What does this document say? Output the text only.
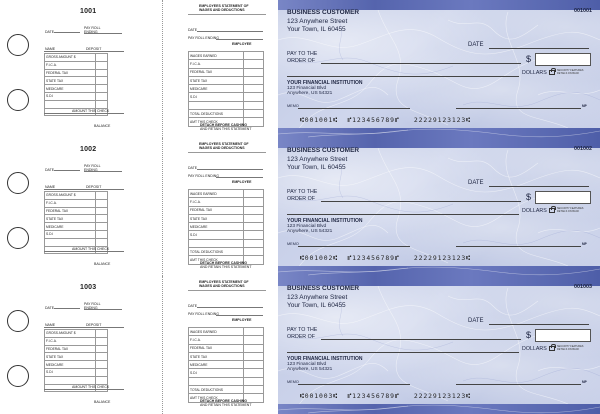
1001
DATE
PAY ROLL
ENDING
NAME	DEPOSIT
GROSS AMOUNT $	
F.I.C.A.	
FEDERAL TAX	
STATE TAX	
MEDICARE	
S.D.I	

AMOUNT THIS CHECK
BALANCE
EMPLOYEES STATEMENT OF
WAGES AND DEDUCTIONS
DATE
PAY ROLL ENDING
EMPLOYEE
WAGES EARNED	
F.I.C.A.	
FEDERAL TAX	
STATE TAX	
MEDICARE	
S.D.I	

TOTAL DEDUCTIONS	
AMT THIS CHECK	
DETACH BEFORE CASHING
AND RETAIN THIS STATEMENT
BUSINESS CUSTOMER
123 Anywhere Street
Your Town, IL 60455
001001
DATE
PAY TO THE
ORDER OF	$
DOLLARS	SECURITY FEATURES
DETAILS ON BACK
YOUR FINANCIAL INSTITUTION
123 Financial Blvd
Anywhere, US 54321
MEMO	MP
⑆001001⑆  ⑈123456789⑈   22229123123⑆
1002
DATE
PAY ROLL
ENDING
NAME	DEPOSIT
GROSS AMOUNT $	
F.I.C.A.	
FEDERAL TAX	
STATE TAX	
MEDICARE	
S.D.I	

AMOUNT THIS CHECK
BALANCE
EMPLOYEES STATEMENT OF
WAGES AND DEDUCTIONS
DATE
PAY ROLL ENDING
EMPLOYEE
WAGES EARNED	
F.I.C.A.	
FEDERAL TAX	
STATE TAX	
MEDICARE	
S.D.I	

TOTAL DEDUCTIONS	
AMT THIS CHECK	
DETACH BEFORE CASHING
AND RETAIN THIS STATEMENT
BUSINESS CUSTOMER
123 Anywhere Street
Your Town, IL 60455
001002
DATE
PAY TO THE
ORDER OF	$
DOLLARS	SECURITY FEATURES
DETAILS ON BACK
YOUR FINANCIAL INSTITUTION
123 Financial Blvd
Anywhere, US 54321
MEMO	MP
⑆001002⑆  ⑈123456789⑈   22229123123⑆
1003
DATE
PAY ROLL
ENDING
NAME	DEPOSIT
GROSS AMOUNT $	
F.I.C.A.	
FEDERAL TAX	
STATE TAX	
MEDICARE	
S.D.I	

AMOUNT THIS CHECK
BALANCE
EMPLOYEES STATEMENT OF
WAGES AND DEDUCTIONS
DATE
PAY ROLL ENDING
EMPLOYEE
WAGES EARNED	
F.I.C.A.	
FEDERAL TAX	
STATE TAX	
MEDICARE	
S.D.I	

TOTAL DEDUCTIONS	
AMT THIS CHECK	
DETACH BEFORE CASHING
AND RETAIN THIS STATEMENT
BUSINESS CUSTOMER
123 Anywhere Street
Your Town, IL 60455
001003
DATE
PAY TO THE
ORDER OF	$
DOLLARS	SECURITY FEATURES
DETAILS ON BACK
YOUR FINANCIAL INSTITUTION
123 Financial Blvd
Anywhere, US 54321
MEMO	MP
⑆001003⑆  ⑈123456789⑈   22229123123⑆
